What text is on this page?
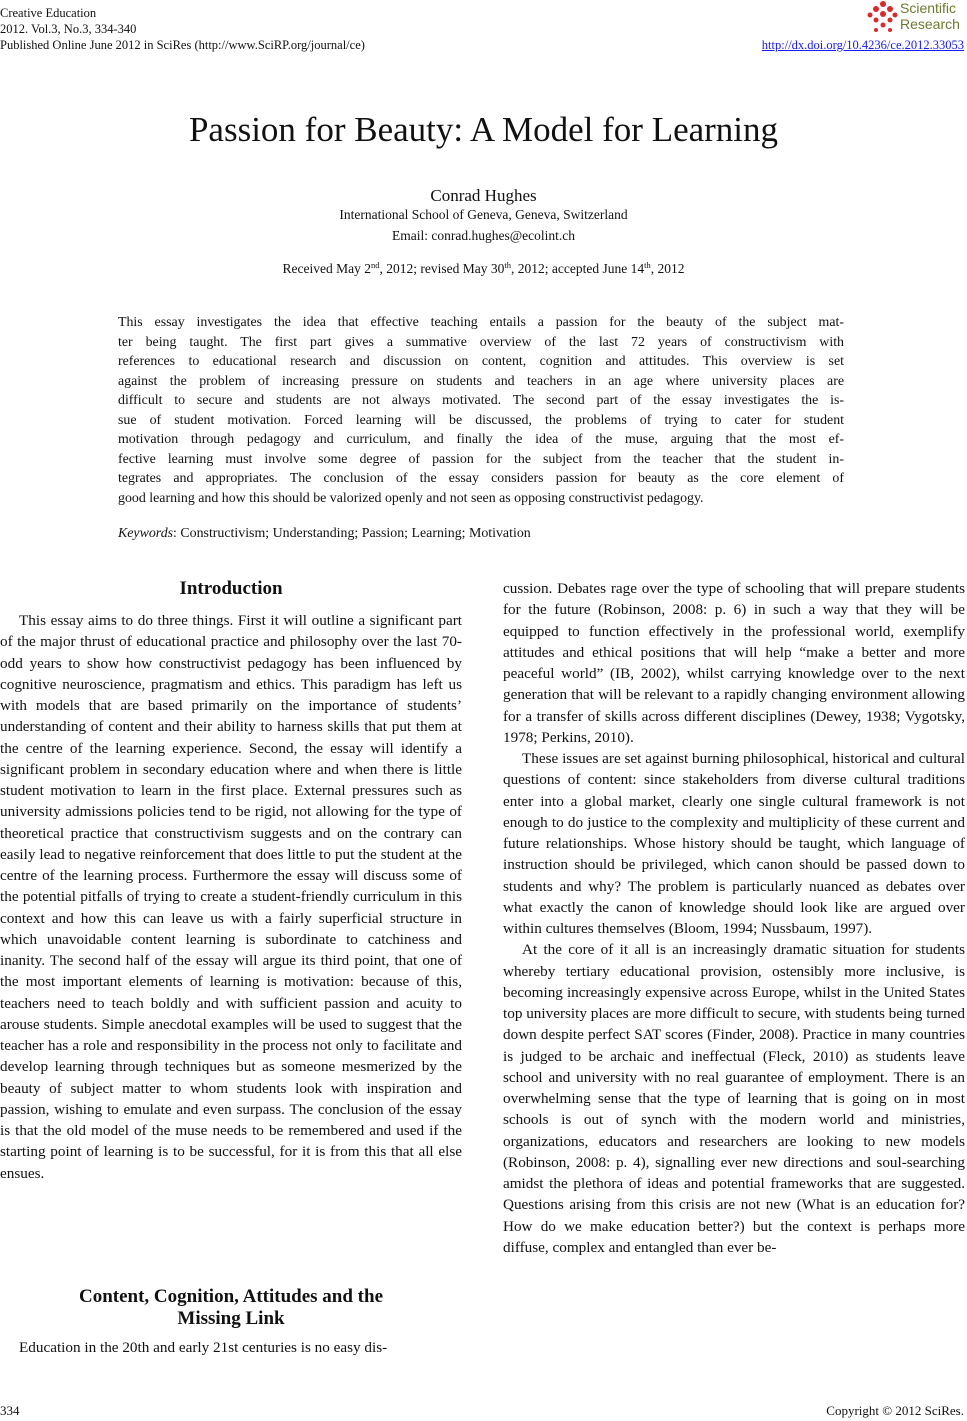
Creative Education
2012. Vol.3, No.3, 334-340
Published Online June 2012 in SciRes (http://www.SciRP.org/journal/ce)	http://dx.doi.org/10.4236/ce.2012.33053
Scientific
Research
Passion for Beauty: A Model for Learning
Conrad Hughes
International School of Geneva, Geneva, Switzerland
Email: conrad.hughes@ecolint.ch
Received May 2nd, 2012; revised May 30th, 2012; accepted June 14th, 2012
This essay investigates the idea that effective teaching entails a passion for the beauty of the subject mat-
ter being taught. The first part gives a summative overview of the last 72 years of constructivism with
references to educational research and discussion on content, cognition and attitudes. This overview is set
against the problem of increasing pressure on students and teachers in an age where university places are
difficult to secure and students are not always motivated. The second part of the essay investigates the is-
sue of student motivation. Forced learning will be discussed, the problems of trying to cater for student
motivation through pedagogy and curriculum, and finally the idea of the muse, arguing that the most ef-
fective learning must involve some degree of passion for the subject from the teacher that the student in-
tegrates and appropriates. The conclusion of the essay considers passion for beauty as the core element of
good learning and how this should be valorized openly and not seen as opposing constructivist pedagogy.
Keywords: Constructivism; Understanding; Passion; Learning; Motivation
Introduction

This essay aims to do three things. First it will outline a significant part of the major thrust of educational practice and philosophy over the last 70-odd years to show how constructivist pedagogy has been influenced by cognitive neuroscience, pragmatism and ethics. This paradigm has left us with models that are based primarily on the importance of students’ understanding of content and their ability to harness skills that put them at the centre of the learning experience. Second, the essay will identify a significant problem in secondary education where and when there is little student motivation to learn in the first place. External pressures such as university admissions policies tend to be rigid, not allowing for the type of theoretical practice that constructivism suggests and on the contrary can easily lead to negative reinforcement that does little to put the student at the centre of the learning process. Furthermore the essay will discuss some of the potential pitfalls of trying to create a student-friendly curriculum in this context and how this can leave us with a fairly superficial structure in which unavoidable content learning is subordinate to catchiness and inanity. The second half of the essay will argue its third point, that one of the most important elements of learning is motivation: because of this, teachers need to teach boldly and with sufficient passion and acuity to arouse students. Simple anecdotal examples will be used to suggest that the teacher has a role and responsibility in the process not only to facilitate and develop learning through techniques but as someone mesmerized by the beauty of subject matter to whom students look with inspiration and passion, wishing to emulate and even surpass. The conclusion of the essay is that the old model of the muse needs to be remembered and used if the starting point of learning is to be successful, for it is from this that all else ensues.

Content, Cognition, Attitudes and the
Missing Link

Education in the 20th and early 21st centuries is no easy dis-

cussion. Debates rage over the type of schooling that will prepare students for the future (Robinson, 2008: p. 6) in such a way that they will be equipped to function effectively in the professional world, exemplify attitudes and ethical positions that will help “make a better and more peaceful world” (IB, 2002), whilst carrying knowledge over to the next generation that will be relevant to a rapidly changing environment allowing for a transfer of skills across different disciplines (Dewey, 1938; Vygotsky, 1978; Perkins, 2010).

These issues are set against burning philosophical, historical and cultural questions of content: since stakeholders from diverse cultural traditions enter into a global market, clearly one single cultural framework is not enough to do justice to the complexity and multiplicity of these current and future relationships. Whose history should be taught, which language of instruction should be privileged, which canon should be passed down to students and why? The problem is particularly nuanced as debates over what exactly the canon of knowledge should look like are argued over within cultures themselves (Bloom, 1994; Nussbaum, 1997).

At the core of it all is an increasingly dramatic situation for students whereby tertiary educational provision, ostensibly more inclusive, is becoming increasingly expensive across Europe, whilst in the United States top university places are more difficult to secure, with students being turned down despite perfect SAT scores (Finder, 2008). Practice in many countries is judged to be archaic and ineffectual (Fleck, 2010) as students leave school and university with no real guarantee of employment. There is an overwhelming sense that the type of learning that is going on in most schools is out of synch with the modern world and ministries, organizations, educators and researchers are looking to new models (Robinson, 2008: p. 4), signalling ever new directions and soul-searching amidst the plethora of ideas and potential frameworks that are suggested. Questions arising from this crisis are not new (What is an education for? How do we make education better?) but the context is perhaps more diffuse, complex and entangled than ever be-

334	Copyright © 2012 SciRes.
